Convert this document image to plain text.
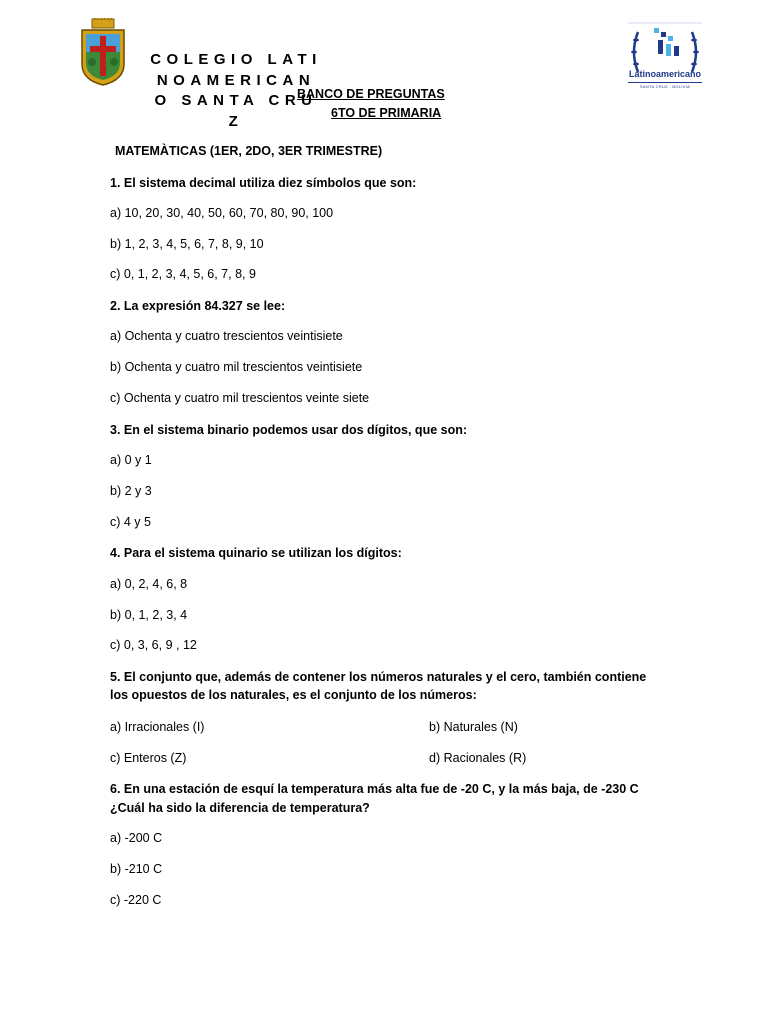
COLEGIO LATINOAMERICANO SANTA CRUZ
BANCO DE PREGUNTAS
6TO DE PRIMARIA
Latinoamericano
SANTA CRUZ - BOLIVIA
MATEMÀTICAS (1ER, 2DO, 3ER TRIMESTRE)
1. El sistema decimal utiliza diez símbolos que son:
a) 10, 20, 30, 40, 50, 60, 70, 80, 90, 100
b) 1, 2, 3, 4, 5, 6, 7, 8, 9, 10
c) 0, 1, 2, 3, 4, 5, 6, 7, 8, 9
2. La expresión 84.327 se lee:
a) Ochenta y cuatro trescientos veintisiete
b) Ochenta y cuatro mil trescientos veintisiete
c) Ochenta y cuatro mil trescientos veinte siete
3. En el sistema binario podemos usar dos dígitos, que son:
a) 0 y 1
b) 2 y 3
c) 4 y 5
4. Para el sistema quinario se utilizan los dígitos:
a) 0, 2, 4, 6, 8
b) 0, 1, 2, 3, 4
c) 0, 3, 6, 9 , 12
5. El conjunto que, además de contener los números naturales y el cero, también contiene
los opuestos de los naturales, es el conjunto de los números:
a) Irracionales (I)	b) Naturales (N)
c) Enteros (Z)	d) Racionales (R)
6. En una estación de esquí la temperatura más alta fue de -20 C, y la más baja, de -230 C
¿Cuál ha sido la diferencia de temperatura?
a) -200 C
b) -210 C
c) -220 C
